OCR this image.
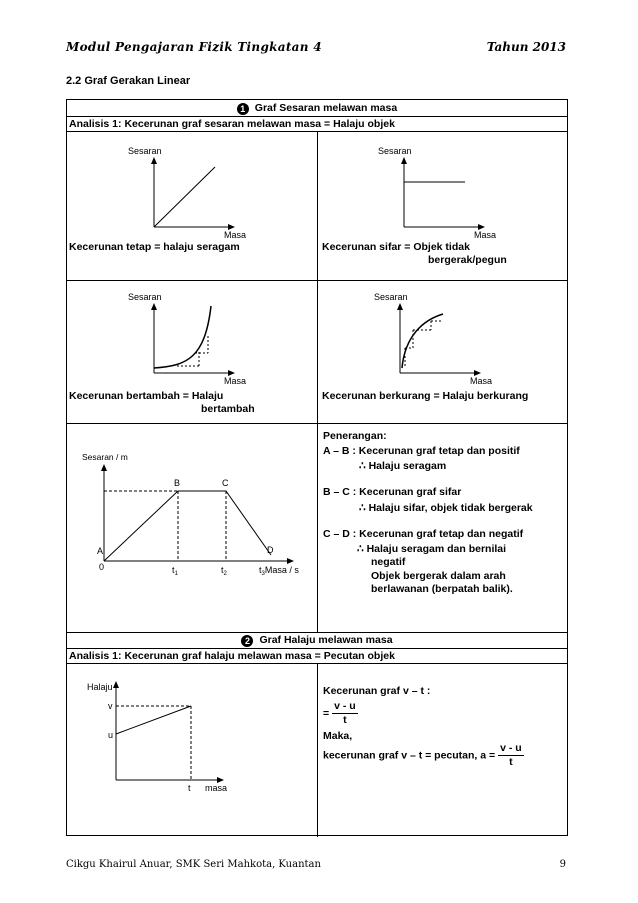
Modul Pengajaran Fizik Tingkatan 4	Tahun 2013
2.2 Graf Gerakan Linear
1 Graf Sesaran melawan masa
Analisis 1: Kecerunan graf sesaran melawan masa = Halaju objek
Sesaran
Masa
Kecerunan tetap = halaju seragam
Sesaran
Masa
Kecerunan sifar = Objek tidak
bergerak/pegun
Sesaran
Masa
Kecerunan bertambah = Halaju
bertambah
Sesaran
Masa
Kecerunan berkurang = Halaju berkurang
Sesaran / m
A
B	C
D
0	$t_1$	$t_2$	$t_3Masa$ / s
Penerangan:
A – B : Kecerunan graf tetap dan positif
∴ Halaju seragam
B – C : Kecerunan graf sifar
∴ Halaju sifar, objek tidak bergerak
C – D : Kecerunan graf tetap dan negatif
∴ Halaju seragam dan bernilai
negatif
Objek bergerak dalam arah
berlawanan (berpatah balik).
2 Graf Halaju melawan masa
Analisis 1: Kecerunan graf halaju melawan masa = Pecutan objek
Halaju
v
u
t masa
Kecerunan graf v – t :
= $\frac{v - u}{t}$
Maka,
kecerunan graf v – t = pecutan, $a = \frac{v - u}{t}$
Cikgu Khairul Anuar, SMK Seri Mahkota, Kuantan	9
